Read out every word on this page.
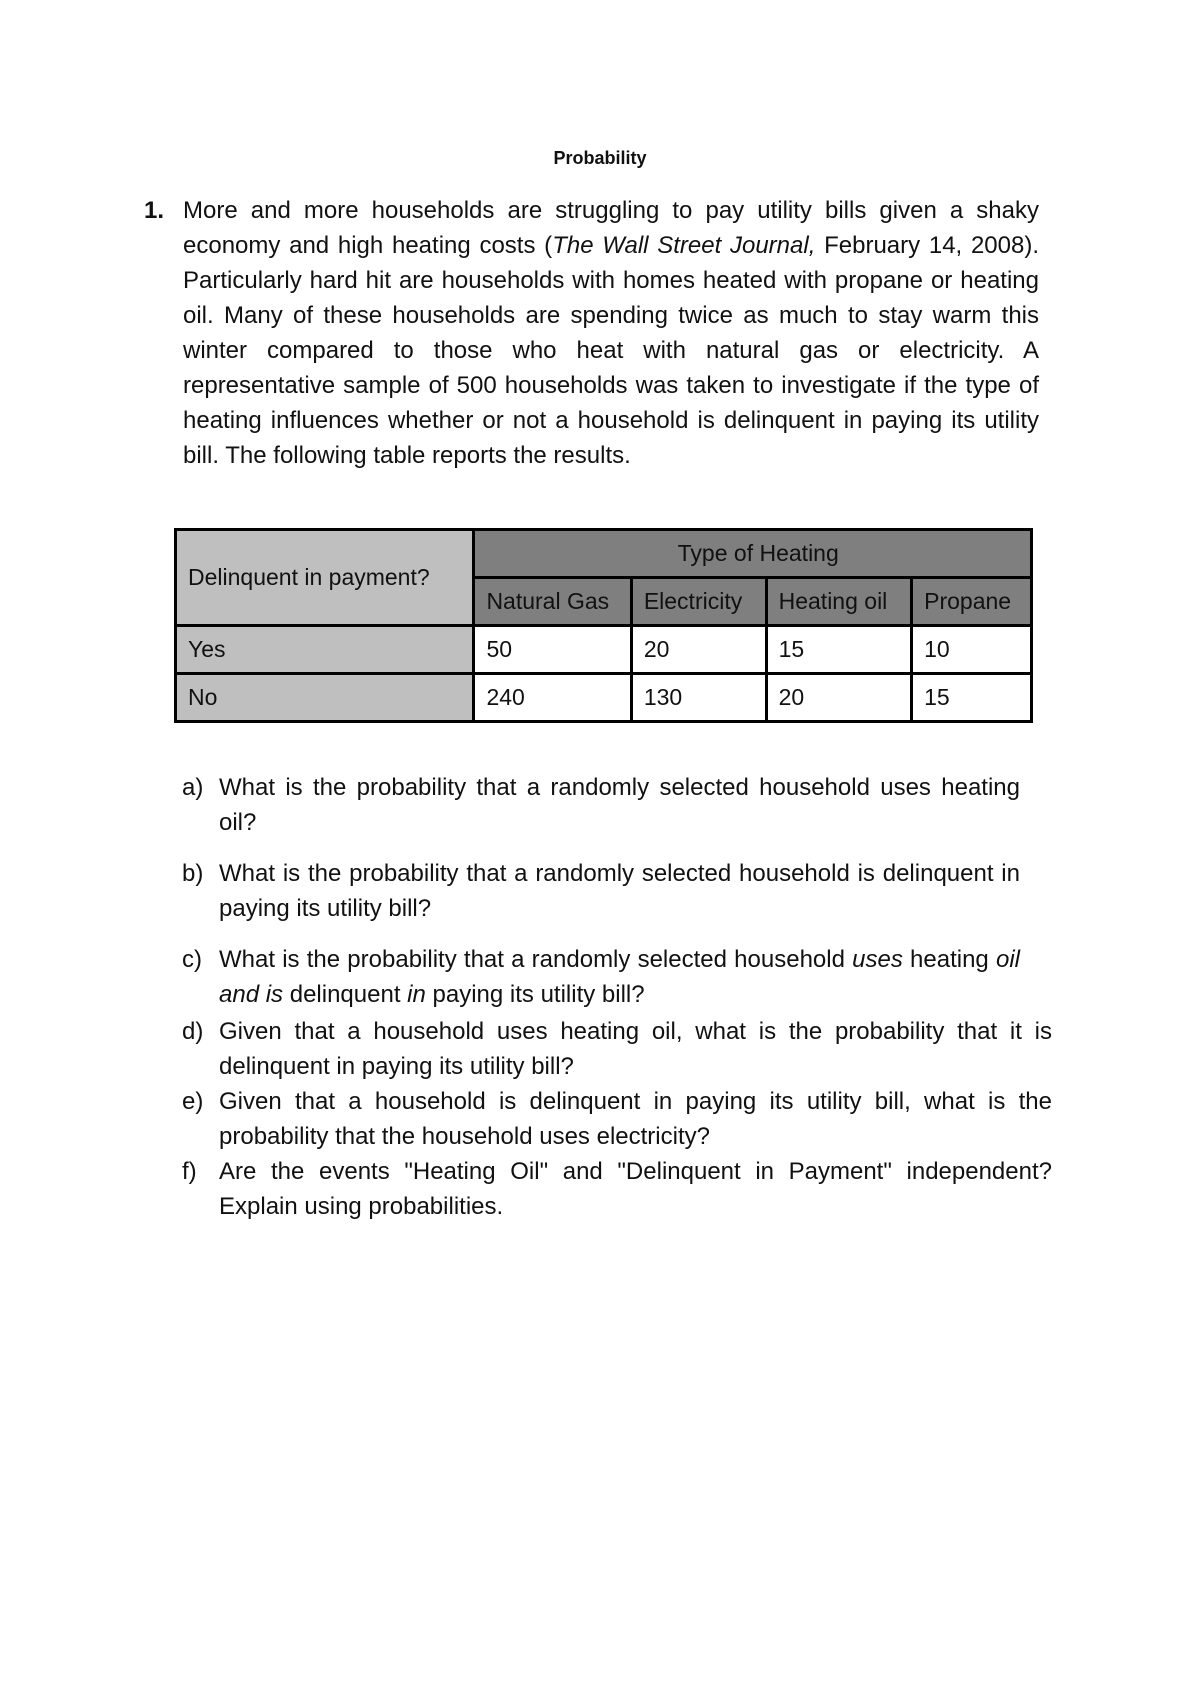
Probability
1. More and more households are struggling to pay utility bills given a shaky economy and high heating costs (The Wall Street Journal, February 14, 2008). Particularly hard hit are households with homes heated with propane or heating oil. Many of these households are spending twice as much to stay warm this winter compared to those who heat with natural gas or electricity. A representative sample of 500 households was taken to investigate if the type of heating influences whether or not a household is delinquent in paying its utility bill. The following table reports the results.
Delinquent in payment?	Type of Heating			
	Natural Gas	Electricity	Heating oil	Propane
Yes	50	20	15	10
No	240	130	20	15
a) What is the probability that a randomly selected household uses heating oil?
b) What is the probability that a randomly selected household is delinquent in paying its utility bill?
c) What is the probability that a randomly selected household uses heating oil and is delinquent in paying its utility bill?
d) Given that a household uses heating oil, what is the probability that it is delinquent in paying its utility bill?
e) Given that a household is delinquent in paying its utility bill, what is the probability that the household uses electricity?
f) Are the events "Heating Oil" and "Delinquent in Payment" independent? Explain using probabilities.
